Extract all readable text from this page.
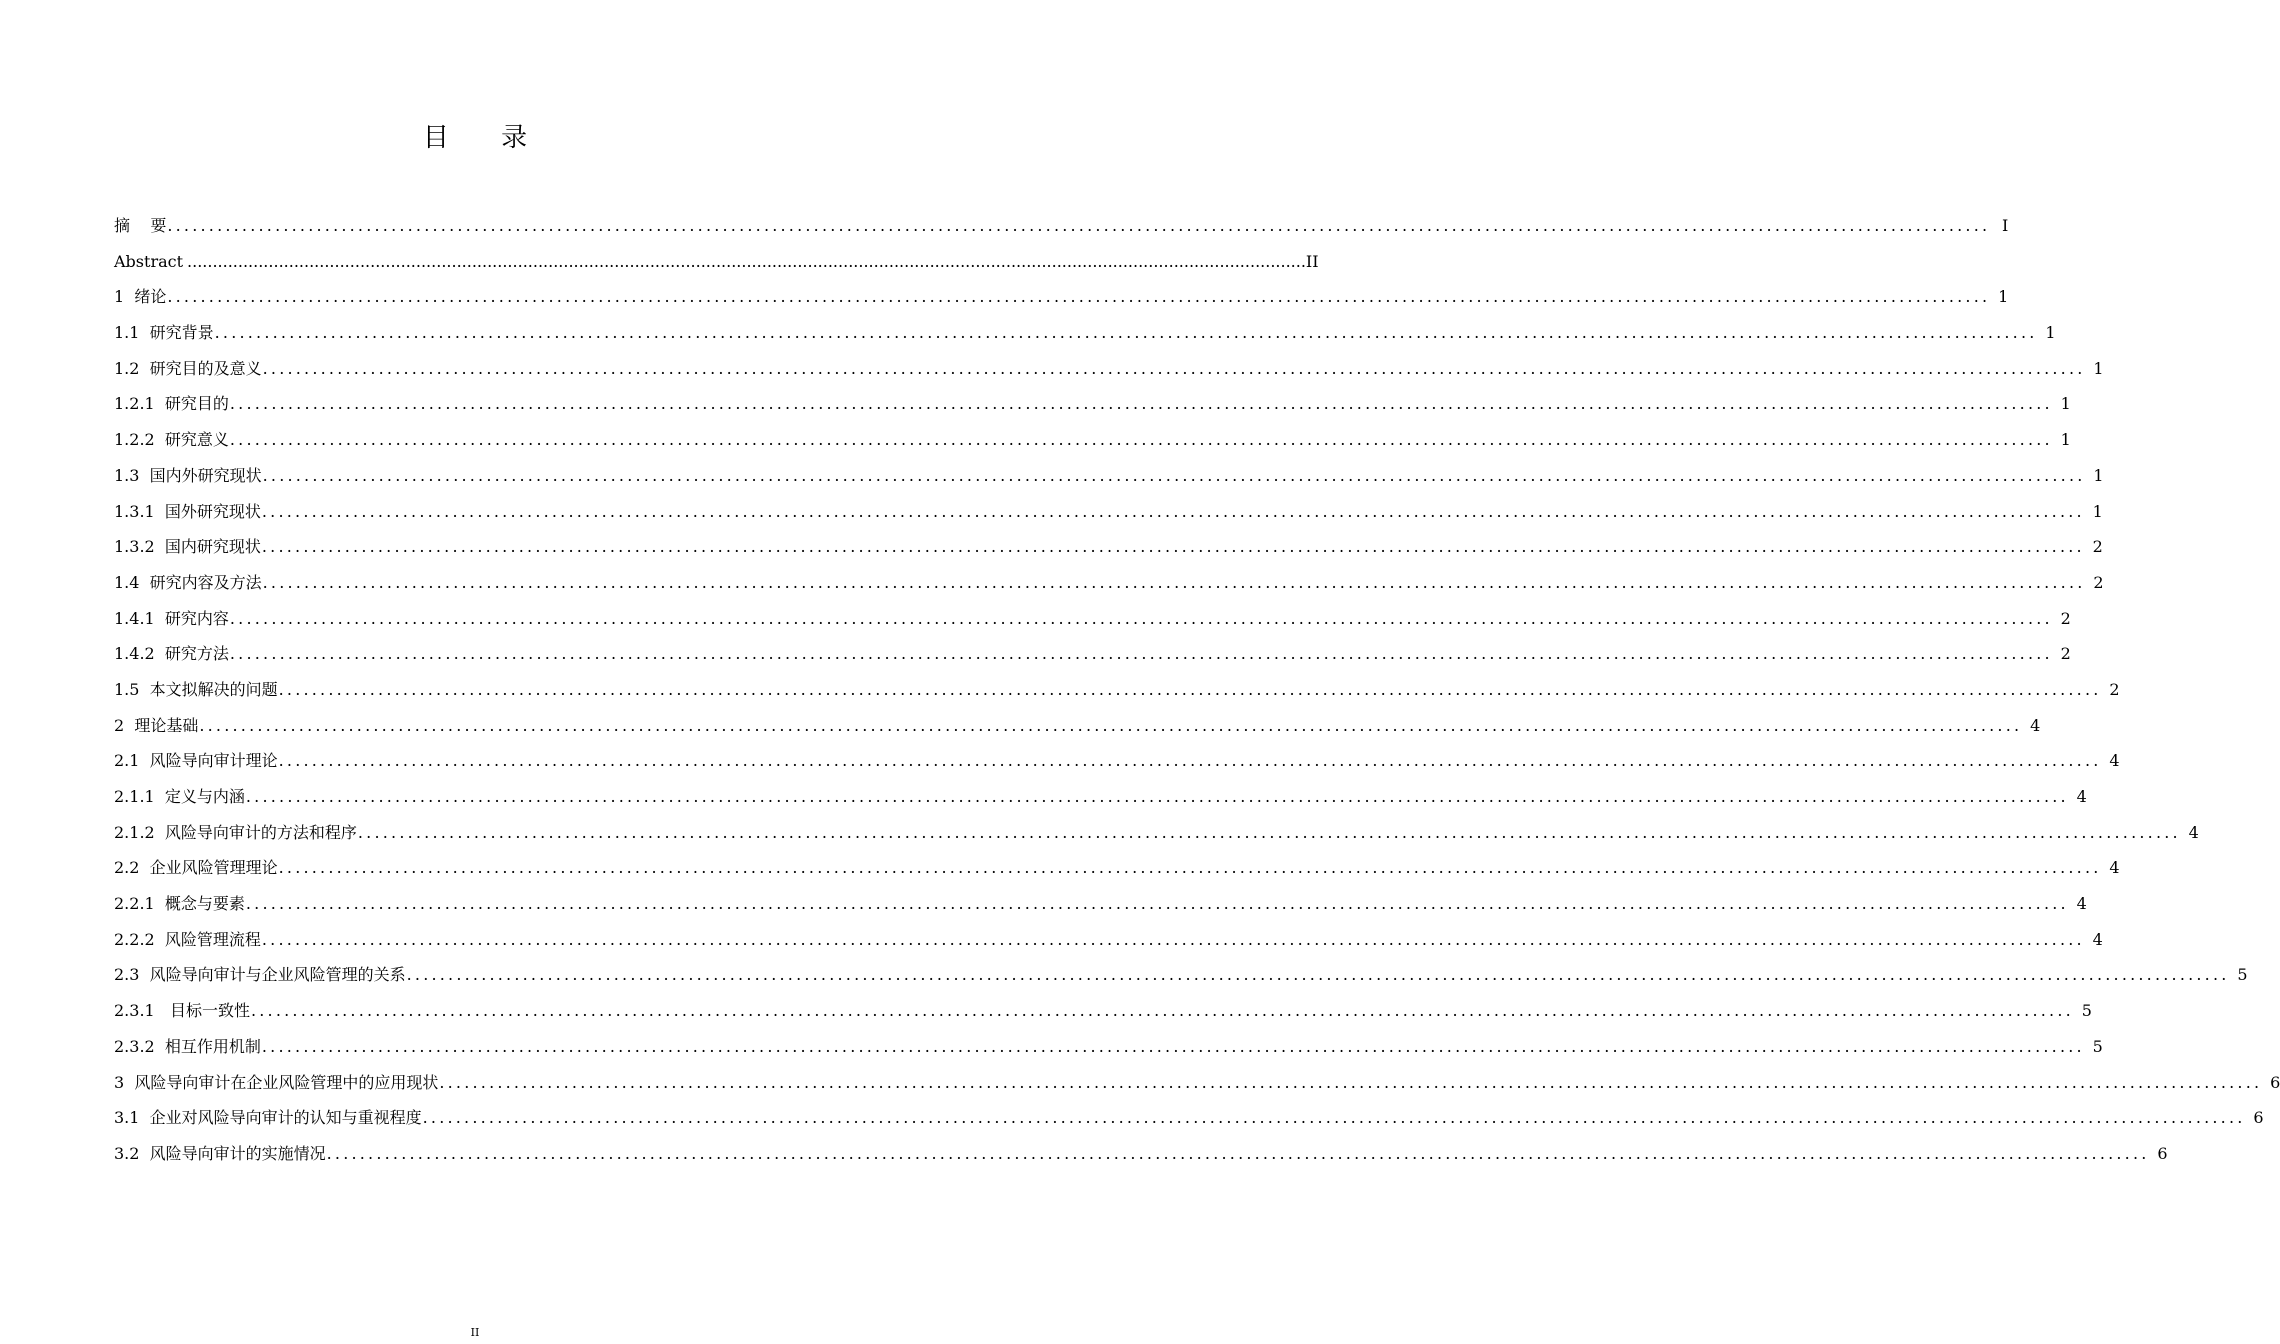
目 录
摘    要 ............................................................................................................................................................................................................................ I
Abstract ............................................................................................................................................................................................................................ II
1  绪论 ............................................................................................................................................................................................................................ 1
1.1  研究背景 ............................................................................................................................................................................................................................ 1
1.2  研究目的及意义 ............................................................................................................................................................................................................................ 1
1.2.1  研究目的 ............................................................................................................................................................................................................................ 1
1.2.2  研究意义 ............................................................................................................................................................................................................................ 1
1.3  国内外研究现状 ............................................................................................................................................................................................................................ 1
1.3.1  国外研究现状 ............................................................................................................................................................................................................................ 1
1.3.2  国内研究现状 ............................................................................................................................................................................................................................ 2
1.4  研究内容及方法 ............................................................................................................................................................................................................................ 2
1.4.1  研究内容 ............................................................................................................................................................................................................................ 2
1.4.2  研究方法 ............................................................................................................................................................................................................................ 2
1.5  本文拟解决的问题 ............................................................................................................................................................................................................................ 2
2  理论基础 ............................................................................................................................................................................................................................ 4
2.1  风险导向审计理论 ............................................................................................................................................................................................................................ 4
2.1.1  定义与内涵 ............................................................................................................................................................................................................................ 4
2.1.2  风险导向审计的方法和程序 ............................................................................................................................................................................................................................ 4
2.2  企业风险管理理论 ............................................................................................................................................................................................................................ 4
2.2.1  概念与要素 ............................................................................................................................................................................................................................ 4
2.2.2  风险管理流程 ............................................................................................................................................................................................................................ 4
2.3  风险导向审计与企业风险管理的关系 ............................................................................................................................................................................................................................ 5
2.3.1   目标一致性 ............................................................................................................................................................................................................................ 5
2.3.2  相互作用机制 ............................................................................................................................................................................................................................ 5
3  风险导向审计在企业风险管理中的应用现状 ............................................................................................................................................................................................................................ 6
3.1  企业对风险导向审计的认知与重视程度 ............................................................................................................................................................................................................................ 6
3.2  风险导向审计的实施情况 ............................................................................................................................................................................................................................ 6
II
